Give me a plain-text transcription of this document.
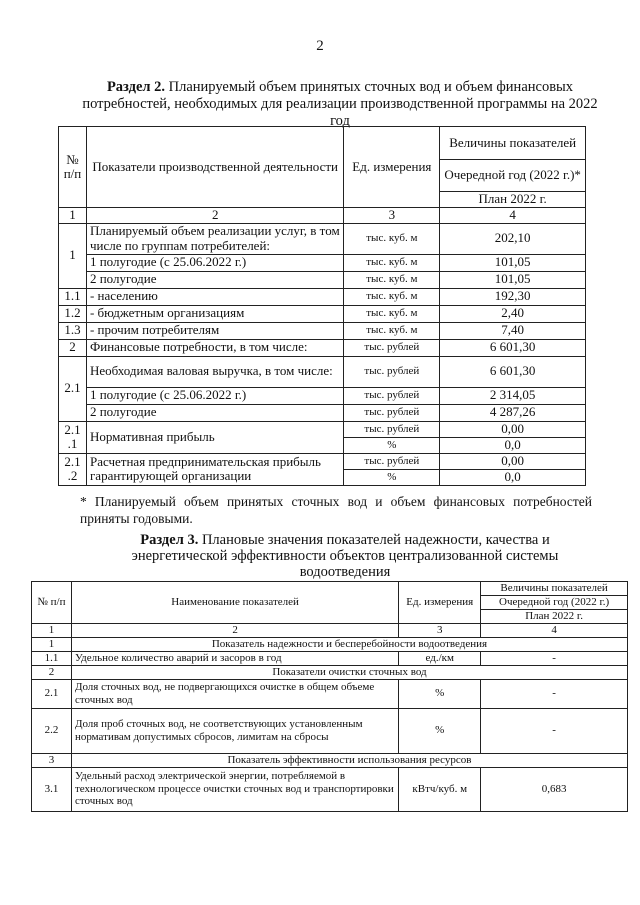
2
Раздел 2. Планируемый объем принятых сточных вод и объем финансовых потребностей, необходимых для реализации производственной программы на 2022 год
№ п/п	Показатели производственной деятельности	Ед. измерения	Величины показателей

			Очередной год (2022 г.)*
			План 2022 г.
1	2	3	4
1	Планируемый объем реализации услуг, в том числе по группам потребителей:	тыс. куб. м	202,10
	1 полугодие (с 25.06.2022 г.)	тыс. куб. м	101,05
	2 полугодие	тыс. куб. м	101,05
1.1	- населению	тыс. куб. м	192,30
1.2	- бюджетным организациям	тыс. куб. м	2,40
1.3	- прочим потребителям	тыс. куб. м	7,40
2	Финансовые потребности, в том числе:	тыс. рублей	6 601,30
2.1	Необходимая валовая выручка, в том числе:	тыс. рублей	6 601,30
	1 полугодие (с 25.06.2022 г.)	тыс. рублей	2 314,05
	2 полугодие	тыс. рублей	4 287,26
2.1 .1	Нормативная прибыль	тыс. рублей	0,00
		%	0,0
2.1 .2	Расчетная предпринимательская прибыль гарантирующей организации	тыс. рублей	0,00
		%	0,0
* Планируемый объем принятых сточных вод и объем финансовых потребностей приняты годовыми.
Раздел 3. Плановые значения показателей надежности, качества и энергетической эффективности объектов централизованной системы водоотведения
№ п/п	Наименование показателей	Ед. измерения	Величины показателей
			Очередной год (2022 г.)
			План 2022 г.
1	2	3	4
1	Показатель надежности и бесперебойности водоотведения		
1.1	Удельное количество аварий и засоров в год	ед./км	-
2	Показатели очистки сточных вод		
2.1	Доля сточных вод, не подвергающихся очистке в общем объеме сточных вод	%	-
2.2	Доля проб сточных вод, не соответствующих установленным нормативам допустимых сбросов, лимитам на сбросы	%	-
3	Показатель эффективности использования ресурсов		
3.1	Удельный расход электрической энергии, потребляемой в технологическом процессе очистки сточных вод и транспортировки сточных вод	кВтч/куб. м	0,683
